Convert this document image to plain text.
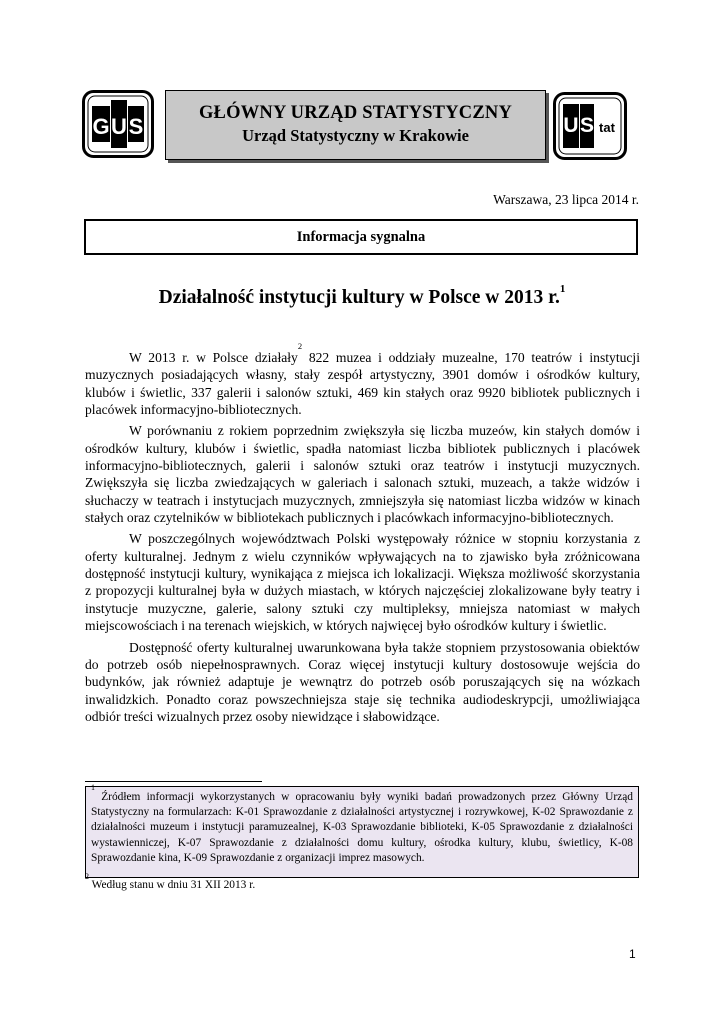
G U S
GŁÓWNY URZĄD STATYSTYCZNY
Urząd Statystyczny w Krakowie	U S tat
Warszawa, 23 lipca 2014 r.
Informacja sygnalna
Działalność instytucji kultury w Polsce w 2013 r.$^1$

W 2013 r. w Polsce działały$^2$ 822 muzea i oddziały muzealne, 170 teatrów i instytucji muzycznych posiadających własny, stały zespół artystyczny, 3901 domów i ośrodków kultury, klubów i świetlic, 337 galerii i salonów sztuki, 469 kin stałych oraz 9920 bibliotek publicznych i placówek informacyjno-bibliotecznych.

W porównaniu z rokiem poprzednim zwiększyła się liczba muzeów, kin stałych domów i ośrodków kultury, klubów i świetlic, spadła natomiast liczba bibliotek publicznych i placówek informacyjno-bibliotecznych, galerii i salonów sztuki oraz teatrów i instytucji muzycznych. Zwiększyła się liczba zwiedzających w galeriach i salonach sztuki, muzeach, a także widzów i słuchaczy w teatrach i instytucjach muzycznych, zmniejszyła się natomiast liczba widzów w kinach stałych oraz czytelników w bibliotekach publicznych i placówkach informacyjno-bibliotecznych.

W poszczególnych województwach Polski występowały różnice w stopniu korzystania z oferty kulturalnej. Jednym z wielu czynników wpływających na to zjawisko była zróżnicowana dostępność instytucji kultury, wynikająca z miejsca ich lokalizacji. Większa możliwość skorzystania z propozycji kulturalnej była w dużych miastach, w których najczęściej zlokalizowane były teatry i instytucje muzyczne, galerie, salony sztuki czy multipleksy, mniejsza natomiast w małych miejscowościach i na terenach wiejskich, w których najwięcej było ośrodków kultury i świetlic.

Dostępność oferty kulturalnej uwarunkowana była także stopniem przystosowania obiektów do potrzeb osób niepełnosprawnych. Coraz więcej instytucji kultury dostosowuje wejścia do budynków, jak również adaptuje je wewnątrz do potrzeb osób poruszających się na wózkach inwalidzkich. Ponadto coraz powszechniejsza staje się technika audiodeskrypcji, umożliwiająca odbiór treści wizualnych przez osoby niewidzące i słabowidzące.

$^1$ Źródłem informacji wykorzystanych w opracowaniu były wyniki badań prowadzonych przez Główny Urząd Statystyczny na formularzach: K-01 Sprawozdanie z działalności artystycznej i rozrywkowej, K-02 Sprawozdanie z działalności muzeum i instytucji paramuzealnej, K-03 Sprawozdanie biblioteki, K-05 Sprawozdanie z działalności wystawienniczej, K-07 Sprawozdanie z działalności domu kultury, ośrodka kultury, klubu, świetlicy, K-08 Sprawozdanie kina, K-09 Sprawozdanie z organizacji imprez masowych.
$^2$ Według stanu w dniu 31 XII 2013 r.
1
